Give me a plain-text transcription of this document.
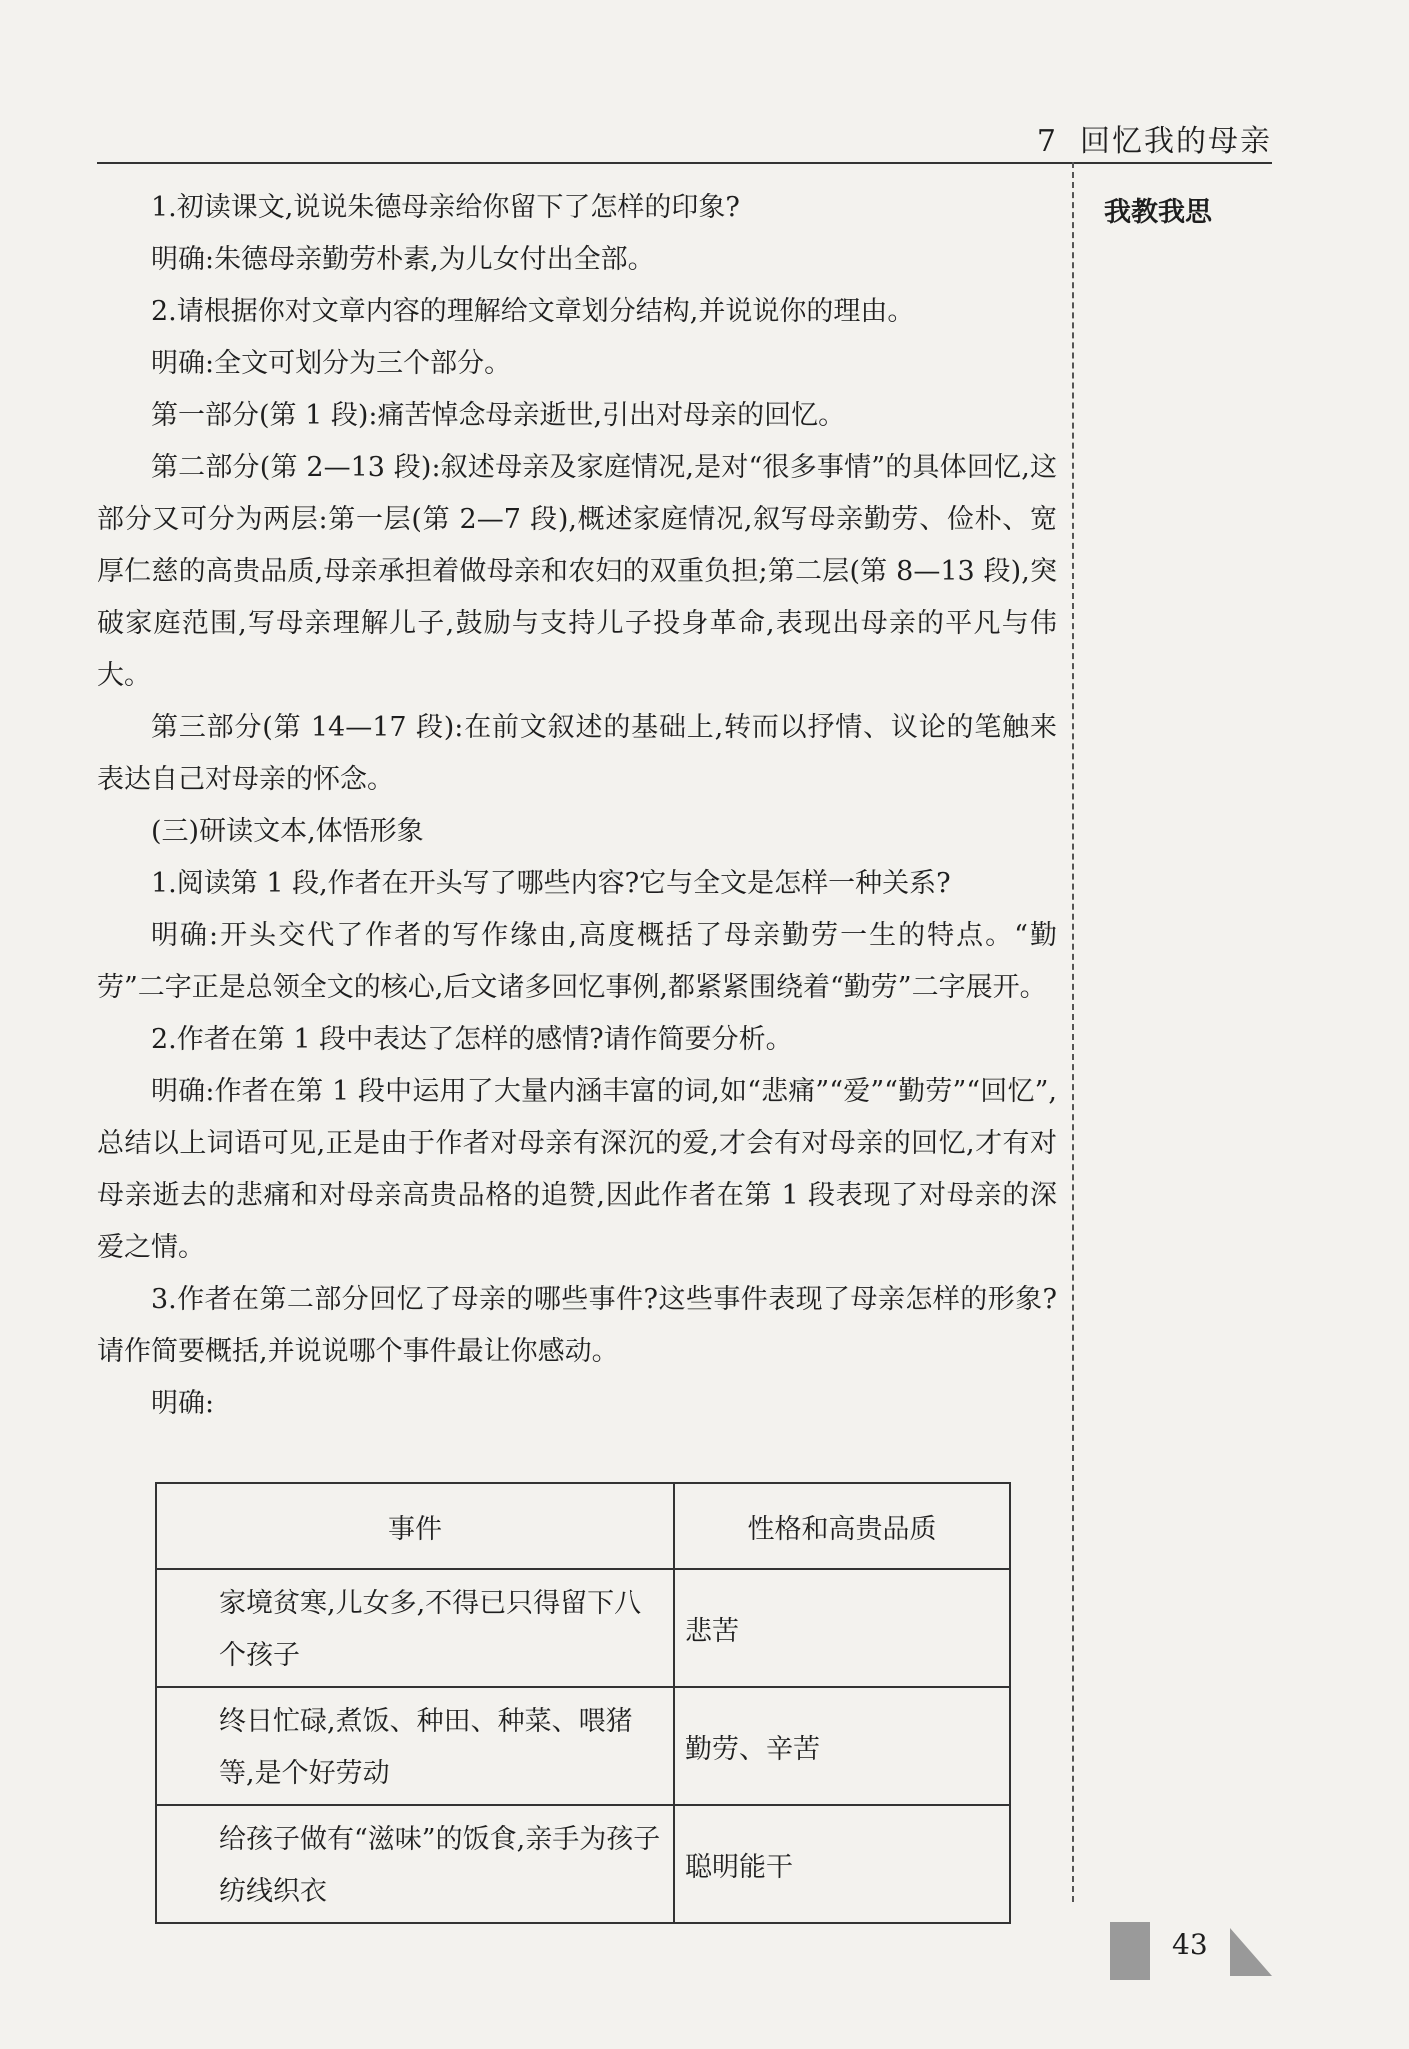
7 回忆我的母亲
我教我思

1.初读课文,说说朱德母亲给你留下了怎样的印象?

明确:朱德母亲勤劳朴素,为儿女付出全部。

2.请根据你对文章内容的理解给文章划分结构,并说说你的理由。

明确:全文可划分为三个部分。

第一部分(第 1 段):痛苦悼念母亲逝世,引出对母亲的回忆。

第二部分(第 2—13 段):叙述母亲及家庭情况,是对“很多事情”的具体回忆,这部分又可分为两层:第一层(第 2—7 段),概述家庭情况,叙写母亲勤劳、俭朴、宽厚仁慈的高贵品质,母亲承担着做母亲和农妇的双重负担;第二层(第 8—13 段),突破家庭范围,写母亲理解儿子,鼓励与支持儿子投身革命,表现出母亲的平凡与伟大。

第三部分(第 14—17 段):在前文叙述的基础上,转而以抒情、议论的笔触来表达自己对母亲的怀念。

(三)研读文本,体悟形象

1.阅读第 1 段,作者在开头写了哪些内容?它与全文是怎样一种关系?

明确:开头交代了作者的写作缘由,高度概括了母亲勤劳一生的特点。“勤劳”二字正是总领全文的核心,后文诸多回忆事例,都紧紧围绕着“勤劳”二字展开。

2.作者在第 1 段中表达了怎样的感情?请作简要分析。

明确:作者在第 1 段中运用了大量内涵丰富的词,如“悲痛”“爱”“勤劳”“回忆”,总结以上词语可见,正是由于作者对母亲有深沉的爱,才会有对母亲的回忆,才有对母亲逝去的悲痛和对母亲高贵品格的追赞,因此作者在第 1 段表现了对母亲的深爱之情。

3.作者在第二部分回忆了母亲的哪些事件?这些事件表现了母亲怎样的形象?请作简要概括,并说说哪个事件最让你感动。

明确:

事件	性格和高贵品质

家境贫寒,儿女多,不得已只得留下八个孩子	悲苦

终日忙碌,煮饭、种田、种菜、喂猪等,是个好劳动	勤劳、辛苦

给孩子做有“滋味”的饭食,亲手为孩子纺线织衣	聪明能干
43
